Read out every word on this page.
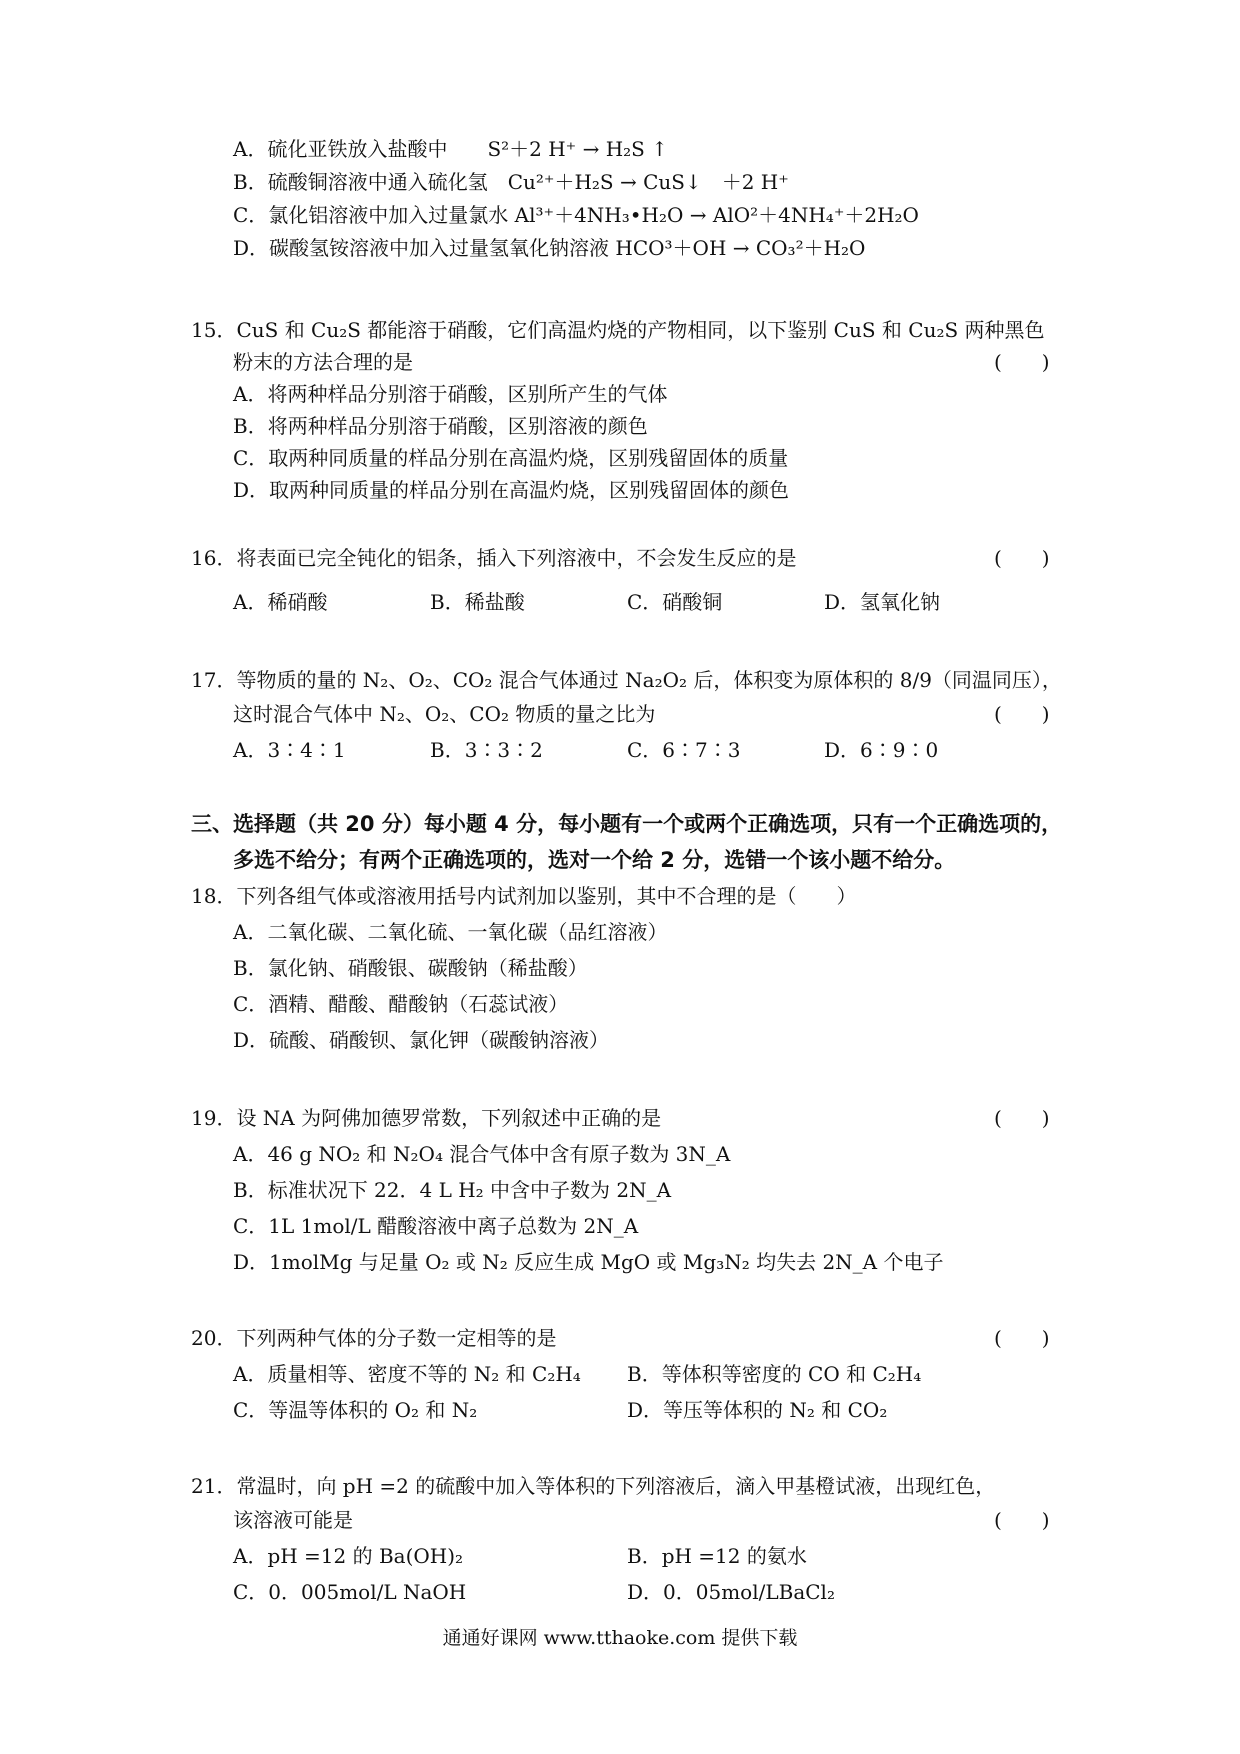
A．硫化亚铁放入盐酸中　　S²＋2 H⁺ → H₂S ↑
B．硫酸铜溶液中通入硫化氢　Cu²⁺＋H₂S → CuS↓　＋2 H⁺
C．氯化铝溶液中加入过量氯水 Al³⁺＋4NH₃•H₂O → AlO²＋4NH₄⁺＋2H₂O
D．碳酸氢铵溶液中加入过量氢氧化钠溶液 HCO³＋OH → CO₃²＋H₂O
15．CuS 和 Cu₂S 都能溶于硝酸，它们高温灼烧的产物相同，以下鉴别 CuS 和 Cu₂S 两种黑色
粉末的方法合理的是	(　　)
A．将两种样品分别溶于硝酸，区别所产生的气体
B．将两种样品分别溶于硝酸，区别溶液的颜色
C．取两种同质量的样品分别在高温灼烧，区别残留固体的质量
D．取两种同质量的样品分别在高温灼烧，区别残留固体的颜色
16．将表面已完全钝化的铝条，插入下列溶液中，不会发生反应的是	(　　)
A．稀硝酸	B．稀盐酸	C．硝酸铜	D．氢氧化钠
17．等物质的量的 N₂、O₂、CO₂ 混合气体通过 Na₂O₂ 后，体积变为原体积的 8/9（同温同压），
这时混合气体中 N₂、O₂、CO₂ 物质的量之比为	(　　)
A．3∶4∶1	B．3∶3∶2	C．6∶7∶3	D．6∶9∶0
三、选择题（共 20 分）每小题 4 分，每小题有一个或两个正确选项，只有一个正确选项的，
多选不给分；有两个正确选项的，选对一个给 2 分，选错一个该小题不给分。
18．下列各组气体或溶液用括号内试剂加以鉴别，其中不合理的是（　　）
A．二氧化碳、二氧化硫、一氧化碳（品红溶液）
B．氯化钠、硝酸银、碳酸钠（稀盐酸）
C．酒精、醋酸、醋酸钠（石蕊试液）
D．硫酸、硝酸钡、氯化钾（碳酸钠溶液）
19．设 NA 为阿佛加德罗常数，下列叙述中正确的是	(　　)
A．46 g NO₂ 和 N₂O₄ 混合气体中含有原子数为 3N_A
B．标准状况下 22．4 L H₂ 中含中子数为 2N_A
C．1L 1mol/L 醋酸溶液中离子总数为 2N_A
D．1molMg 与足量 O₂ 或 N₂ 反应生成 MgO 或 Mg₃N₂ 均失去 2N_A 个电子
20．下列两种气体的分子数一定相等的是	(　　)
A．质量相等、密度不等的 N₂ 和 C₂H₄ B．等体积等密度的 CO 和 C₂H₄
C．等温等体积的 O₂ 和 N₂	D．等压等体积的 N₂ 和 CO₂
21．常温时，向 pH =2 的硫酸中加入等体积的下列溶液后，滴入甲基橙试液，出现红色，
该溶液可能是	(　　)
A．pH =12 的 Ba(OH)₂	B．pH =12 的氨水
C．0．005mol/L NaOH	D．0．05mol/LBaCl₂
通通好课网 www.tthaoke.com 提供下载
